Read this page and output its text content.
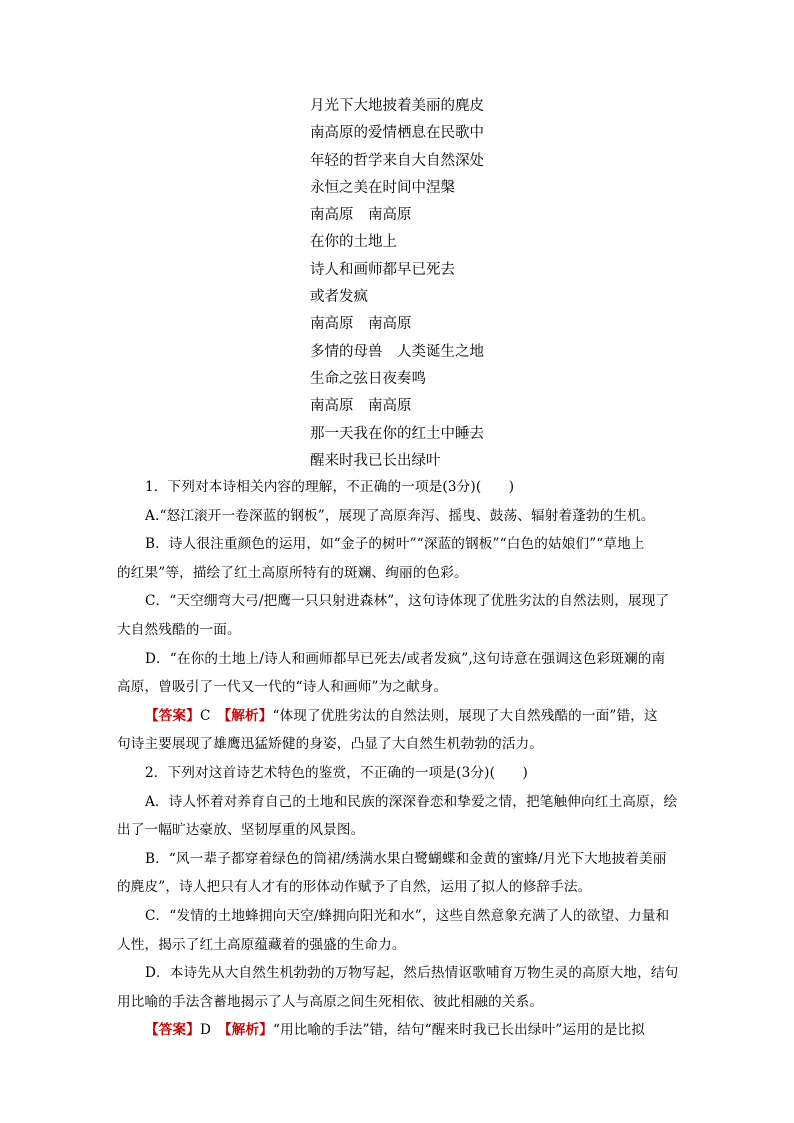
月光下大地披着美丽的麂皮
南高原的爱情栖息在民歌中
年轻的哲学来自大自然深处
永恒之美在时间中涅槃
南高原　南高原
在你的土地上
诗人和画师都早已死去
或者发疯
南高原　南高原
多情的母兽　人类诞生之地
生命之弦日夜奏鸣
南高原　南高原
那一天我在你的红土中睡去
醒来时我已长出绿叶

1．下列对本诗相关内容的理解，不正确的一项是(3分)(　　)

A.“怒江滚开一卷深蓝的钢板”，展现了高原奔泻、摇曳、鼓荡、辐射着蓬勃的生机。

B．诗人很注重颜色的运用，如“金子的树叶”“深蓝的钢板”“白色的姑娘们”“草地上

的红果”等，描绘了红土高原所特有的斑斓、绚丽的色彩。

C．“天空绷弯大弓/把鹰一只只射进森林”，这句诗体现了优胜劣汰的自然法则，展现了

大自然残酷的一面。

D．“在你的土地上/诗人和画师都早已死去/或者发疯”,这句诗意在强调这色彩斑斓的南

高原，曾吸引了一代又一代的“诗人和画师”为之献身。

【答案】C　【解析】“体现了优胜劣汰的自然法则，展现了大自然残酷的一面”错，这

句诗主要展现了雄鹰迅猛矫健的身姿，凸显了大自然生机勃勃的活力。

2．下列对这首诗艺术特色的鉴赏，不正确的一项是(3分)(　　)

A．诗人怀着对养育自己的土地和民族的深深眷恋和挚爱之情，把笔触伸向红土高原，绘

出了一幅旷达豪放、坚韧厚重的风景图。

B．“风一辈子都穿着绿色的筒裙/绣满水果白鹭蝴蝶和金黄的蜜蜂/月光下大地披着美丽

的麂皮”，诗人把只有人才有的形体动作赋予了自然，运用了拟人的修辞手法。

C．“发情的土地蜂拥向天空/蜂拥向阳光和水”，这些自然意象充满了人的欲望、力量和

人性，揭示了红土高原蕴藏着的强盛的生命力。

D．本诗先从大自然生机勃勃的万物写起，然后热情讴歌哺育万物生灵的高原大地，结句

用比喻的手法含蓄地揭示了人与高原之间生死相依、彼此相融的关系。

【答案】D　【解析】“用比喻的手法”错，结句“醒来时我已长出绿叶”运用的是比拟
